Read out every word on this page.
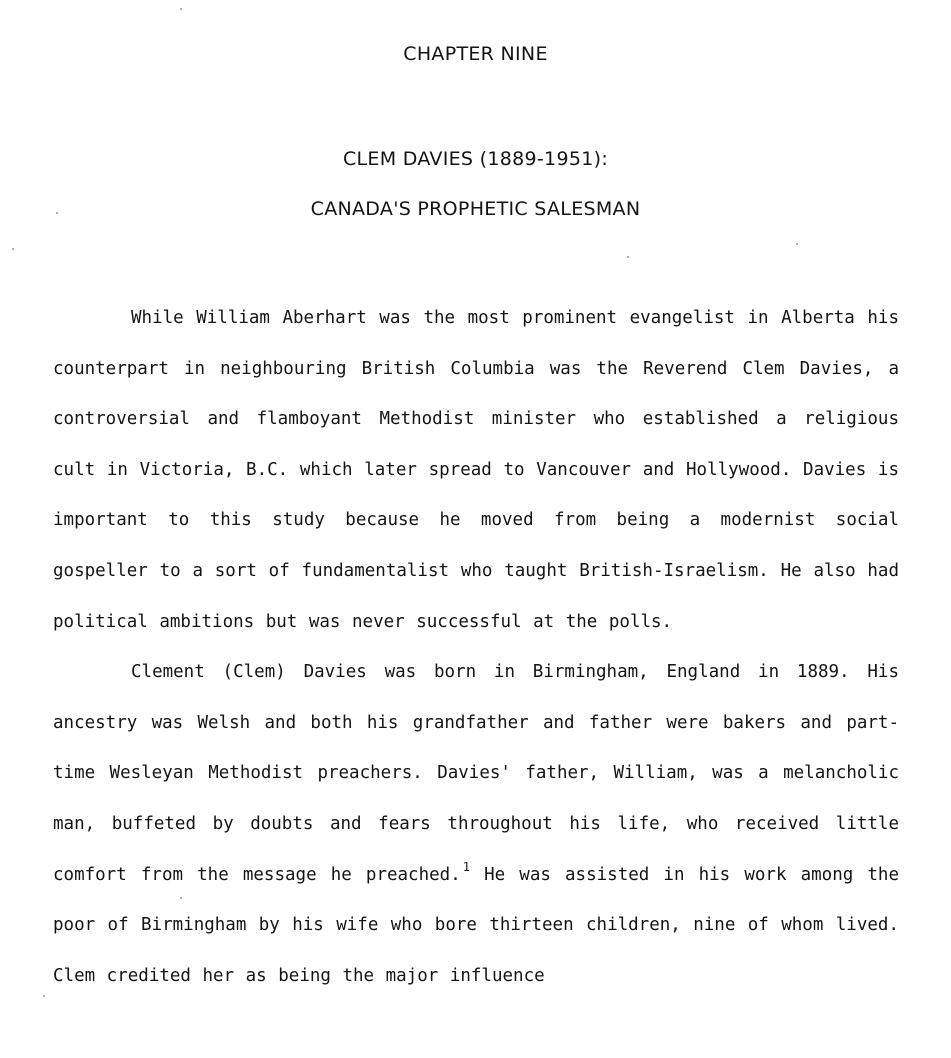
CHAPTER NINE
CLEM DAVIES (1889-1951):
CANADA'S PROPHETIC SALESMAN

While William Aberhart was the most prominent evangelist in Alberta his counterpart in neighbouring British Columbia was the Reverend Clem Davies, a controversial and flamboyant Methodist minister who established a religious cult in Victoria, B.C. which later spread to Vancouver and Hollywood. Davies is important to this study because he moved from being a modernist social gospeller to a sort of fundamentalist who taught British-Israelism. He also had political ambitions but was never successful at the polls.

Clement (Clem) Davies was born in Birmingham, England in 1889. His ancestry was Welsh and both his grandfather and father were bakers and part-time Wesleyan Methodist preachers. Davies' father, William, was a melancholic man, buffeted by doubts and fears throughout his life, who received little comfort from the message he preached. $^1$ He was assisted in his work among the poor of Birmingham by his wife who bore thirteen children, nine of whom lived. Clem credited her as being the major influence
